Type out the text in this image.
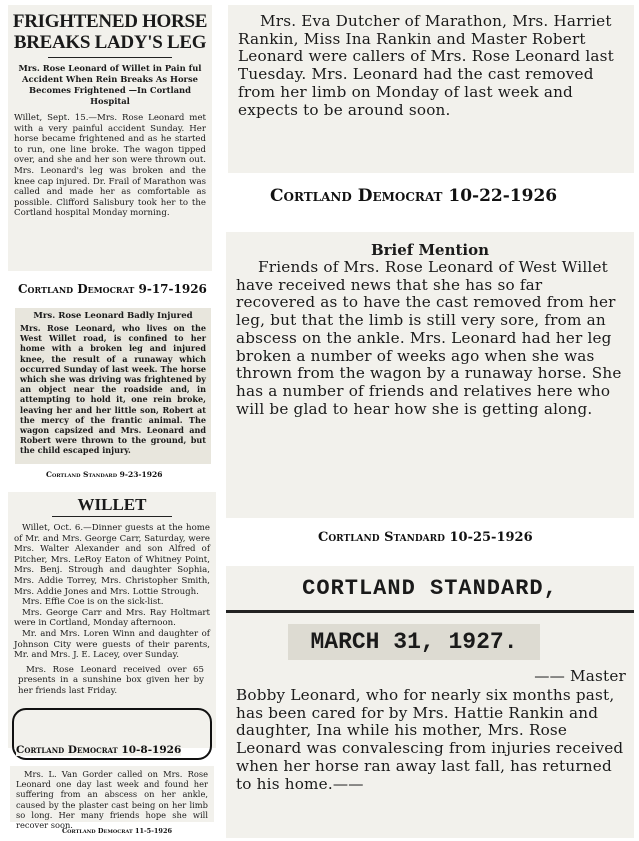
FRIGHTENED HORSE
BREAKS LADY'S LEG
Mrs. Rose Leonard of Willet in Pain ful Accident When Rein Breaks As Horse Becomes Frightened —In Cortland Hospital
Willet, Sept. 15.—Mrs. Rose Leonard met with a very painful accident Sunday. Her horse became frightened and as he started to run, one line broke. The wagon tipped over, and she and her son were thrown out. Mrs. Leonard's leg was broken and the knee cap injured. Dr. Frail of Marathon was called and made her as comfortable as possible. Clifford Salisbury took her to the Cortland hospital Monday morning.
Cortland Democrat 9-17-1926
Mrs. Rose Leonard Badly Injured
Mrs. Rose Leonard, who lives on the West Willet road, is confined to her home with a broken leg and injured knee, the result of a runaway which occurred Sunday of last week. The horse which she was driving was frightened by an object near the roadside and, in attempting to hold it, one rein broke, leaving her and her little son, Robert at the mercy of the frantic animal. The wagon capsized and Mrs. Leonard and Robert were thrown to the ground, but the child escaped injury.
Cortland Standard 9-23-1926
WILLET
Willet, Oct. 6.—Dinner guests at the home of Mr. and Mrs. George Carr, Saturday, were Mrs. Walter Alexander and son Alfred of Pitcher, Mrs. LeRoy Eaton of Whitney Point, Mrs. Benj. Strough and daughter Sophia, Mrs. Addie Torrey, Mrs. Christopher Smith, Mrs. Addie Jones and Mrs. Lottie Strough.
Mrs. Effie Coe is on the sick-list.
Mrs. George Carr and Mrs. Ray Holtmart were in Cortland, Monday afternoon.
Mr. and Mrs. Loren Winn and daughter of Johnson City were guests of their parents, Mr. and Mrs. J. E. Lacey, over Sunday.
Mrs. Rose Leonard received over 65 presents in a sunshine box given her by her friends last Friday.
Cortland Democrat 10-8-1926
Mrs. L. Van Gorder called on Mrs. Rose Leonard one day last week and found her suffering from an abscess on her ankle, caused by the plaster cast being on her limb so long. Her many friends hope she will recover soon.
Cortland Democrat 11-5-1926
Mrs. Eva Dutcher of Marathon, Mrs. Harriet Rankin, Miss Ina Rankin and Master Robert Leonard were callers of Mrs. Rose Leonard last Tuesday. Mrs. Leonard had the cast removed from her limb on Monday of last week and expects to be around soon.
Cortland Democrat 10-22-1926
Brief Mention
Friends of Mrs. Rose Leonard of West Willet have received news that she has so far recovered as to have the cast removed from her leg, but that the limb is still very sore, from an abscess on the ankle. Mrs. Leonard had her leg broken a number of weeks ago when she was thrown from the wagon by a runaway horse. She has a number of friends and relatives here who will be glad to hear how she is getting along.
Cortland Standard 10-25-1926
CORTLAND STANDARD,
MARCH 31, 1927.
—— Master
Bobby Leonard, who for nearly six months past, has been cared for by Mrs. Hattie Rankin and daughter, Ina while his mother, Mrs. Rose Leonard was convalescing from injuries received when her horse ran away last fall, has returned to his home.——
